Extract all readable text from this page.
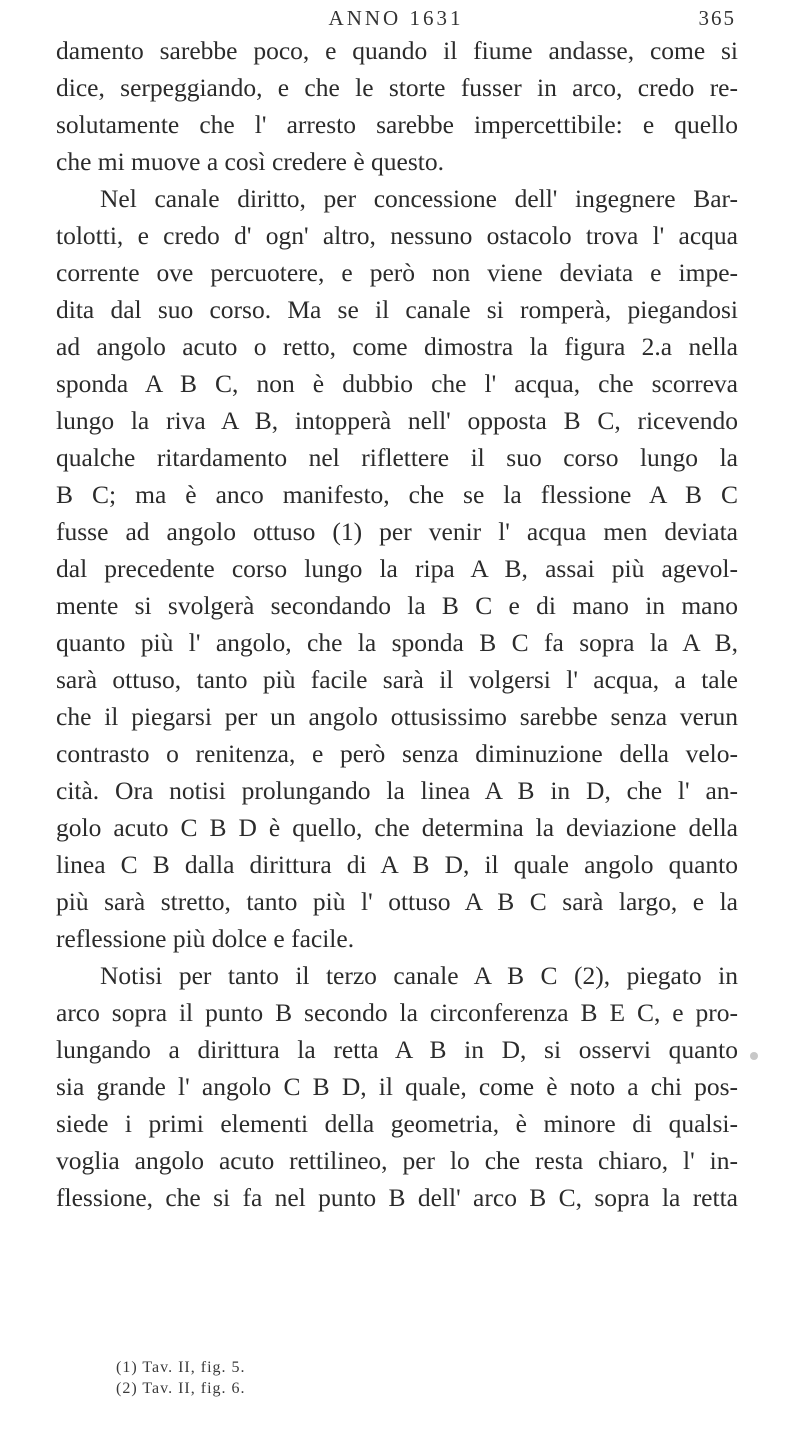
ANNO 1631	365
damento sarebbe poco, e quando il fiume andasse, come si
dice, serpeggiando, e che le storte fusser in arco, credo re-
solutamente che l' arresto sarebbe impercettibile: e quello
che mi muove a così credere è questo.
Nel canale diritto, per concessione dell' ingegnere Bar-
tolotti, e credo d' ogn' altro, nessuno ostacolo trova l' acqua
corrente ove percuotere, e però non viene deviata e impe-
dita dal suo corso. Ma se il canale si romperà, piegandosi
ad angolo acuto o retto, come dimostra la figura 2.a nella
sponda A B C, non è dubbio che l' acqua, che scorreva
lungo la riva A B, intopperà nell' opposta B C, ricevendo
qualche ritardamento nel riflettere il suo corso lungo la
B C; ma è anco manifesto, che se la flessione A B C
fusse ad angolo ottuso (1) per venir l' acqua men deviata
dal precedente corso lungo la ripa A B, assai più agevol-
mente si svolgerà secondando la B C e di mano in mano
quanto più l' angolo, che la sponda B C fa sopra la A B,
sarà ottuso, tanto più facile sarà il volgersi l' acqua, a tale
che il piegarsi per un angolo ottusissimo sarebbe senza verun
contrasto o renitenza, e però senza diminuzione della velo-
cità. Ora notisi prolungando la linea A B in D, che l' an-
golo acuto C B D è quello, che determina la deviazione della
linea C B dalla dirittura di A B D, il quale angolo quanto
più sarà stretto, tanto più l' ottuso A B C sarà largo, e la
reflessione più dolce e facile.
Notisi per tanto il terzo canale A B C (2), piegato in
arco sopra il punto B secondo la circonferenza B E C, e pro-
lungando a dirittura la retta A B in D, si osservi quanto
sia grande l' angolo C B D, il quale, come è noto a chi pos-
siede i primi elementi della geometria, è minore di qualsi-
voglia angolo acuto rettilineo, per lo che resta chiaro, l' in-
flessione, che si fa nel punto B dell' arco B C, sopra la retta
(1) Tav. II, fig. 5.
(2) Tav. II, fig. 6.
